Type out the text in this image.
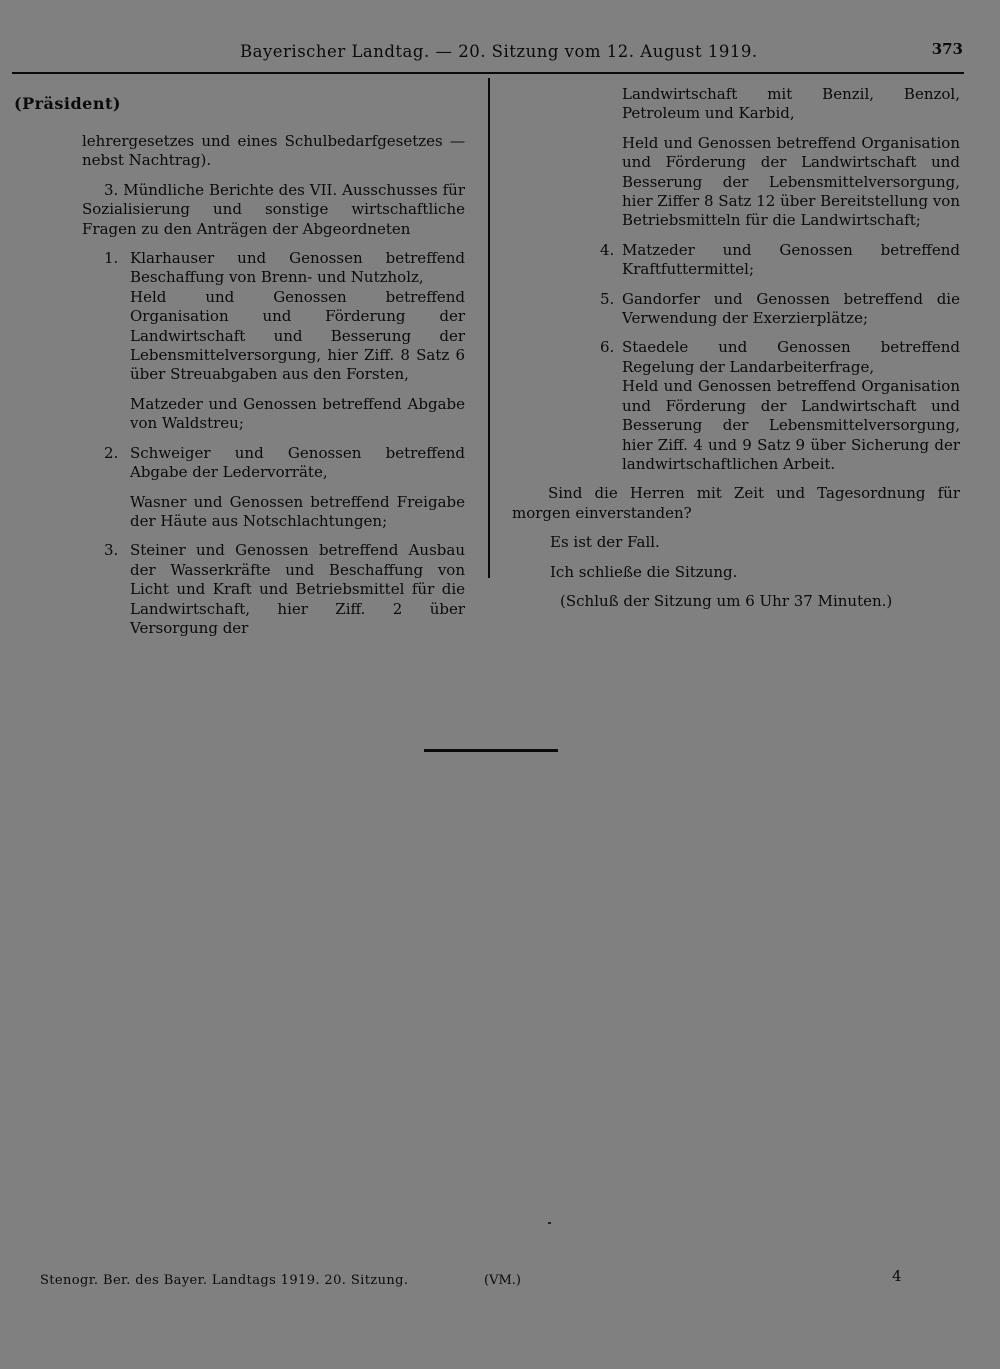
Bayerischer Landtag. — 20. Sitzung vom 12. August 1919.	373
(Präsident)

lehrergesetzes und eines Schulbedarfgesetzes — nebst Nachtrag).

3. Mündliche Berichte des VII. Ausschusses für Sozialisierung und sonstige wirtschaftliche Fragen zu den Anträgen der Abgeordneten

1. Klarhauser und Genossen betreffend Beschaffung von Brenn- und Nutzholz,

Held und Genossen betreffend Organisation und Förderung der Landwirtschaft und Besserung der Lebensmittelversorgung, hier Ziff. 8 Satz 6 über Streuabgaben aus den Forsten,

Matzeder und Genossen betreffend Abgabe von Waldstreu;

2. Schweiger und Genossen betreffend Abgabe der Ledervorräte,

Wasner und Genossen betreffend Freigabe der Häute aus Notschlachtungen;

3. Steiner und Genossen betreffend Ausbau der Wasserkräfte und Beschaffung von Licht und Kraft und Betriebsmittel für die Landwirtschaft, hier Ziff. 2 über Versorgung der

Landwirtschaft mit Benzil, Benzol, Petroleum und Karbid,

Held und Genossen betreffend Organisation und Förderung der Landwirtschaft und Besserung der Lebensmittelversorgung, hier Ziffer 8 Satz 12 über Bereitstellung von Betriebsmitteln für die Landwirtschaft;

4. Matzeder und Genossen betreffend Kraftfuttermittel;

5. Gandorfer und Genossen betreffend die Verwendung der Exerzierplätze;

6. Staedele und Genossen betreffend Regelung der Landarbeiterfrage,

Held und Genossen betreffend Organisation und Förderung der Landwirtschaft und Besserung der Lebensmittelversorgung, hier Ziff. 4 und 9 Satz 9 über Sicherung der landwirtschaftlichen Arbeit.

Sind die Herren mit Zeit und Tagesordnung für morgen einverstanden?

Es ist der Fall.

Ich schließe die Sitzung.

(Schluß der Sitzung um 6 Uhr 37 Minuten.)

Stenogr. Ber. des Bayer. Landtags 1919. 20. Sitzung.	(VM.)	4
